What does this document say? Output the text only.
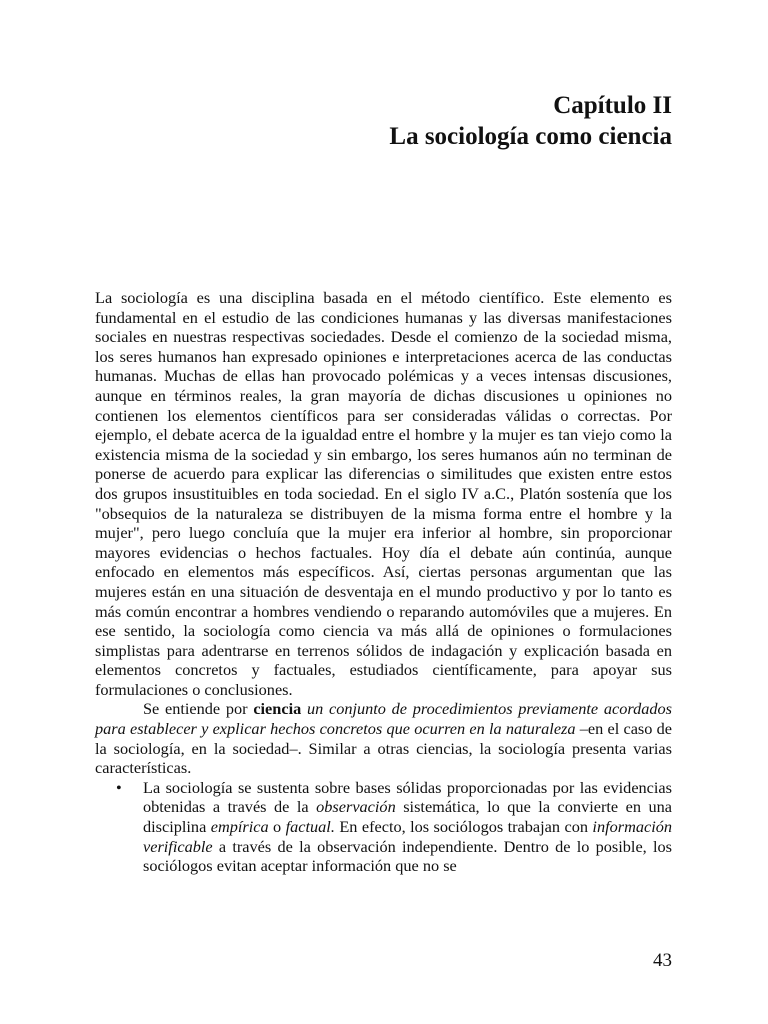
Capítulo II
La sociología como ciencia

La sociología es una disciplina basada en el método científico. Este elemento es fundamental en el estudio de las condiciones humanas y las diversas manifestaciones sociales en nuestras respectivas sociedades. Desde el comienzo de la sociedad misma, los seres humanos han expresado opiniones e interpretaciones acerca de las conductas humanas. Muchas de ellas han provocado polémicas y a veces intensas discusiones, aunque en términos reales, la gran mayoría de dichas discusiones u opiniones no contienen los elementos científicos para ser consideradas válidas o correctas. Por ejemplo, el debate acerca de la igualdad entre el hombre y la mujer es tan viejo como la existencia misma de la sociedad y sin embargo, los seres humanos aún no terminan de ponerse de acuerdo para explicar las diferencias o similitudes que existen entre estos dos grupos insustituibles en toda sociedad. En el siglo IV a.C., Platón sostenía que los "obsequios de la naturaleza se distribuyen de la misma forma entre el hombre y la mujer", pero luego concluía que la mujer era inferior al hombre, sin proporcionar mayores evidencias o hechos factuales. Hoy día el debate aún continúa, aunque enfocado en elementos más específicos. Así, ciertas personas argumentan que las mujeres están en una situación de desventaja en el mundo productivo y por lo tanto es más común encontrar a hombres vendiendo o reparando automóviles que a mujeres. En ese sentido, la sociología como ciencia va más allá de opiniones o formulaciones simplistas para adentrarse en terrenos sólidos de indagación y explicación basada en elementos concretos y factuales, estudiados científicamente, para apoyar sus formulaciones o conclusiones.

Se entiende por ciencia un conjunto de procedimientos previamente acordados para establecer y explicar hechos concretos que ocurren en la naturaleza –en el caso de la sociología, en la sociedad–. Similar a otras ciencias, la sociología presenta varias características.

• La sociología se sustenta sobre bases sólidas proporcionadas por las evidencias obtenidas a través de la observación sistemática, lo que la convierte en una disciplina empírica o factual. En efecto, los sociólogos trabajan con información verificable a través de la observación independiente. Dentro de lo posible, los sociólogos evitan aceptar información que no se

43
